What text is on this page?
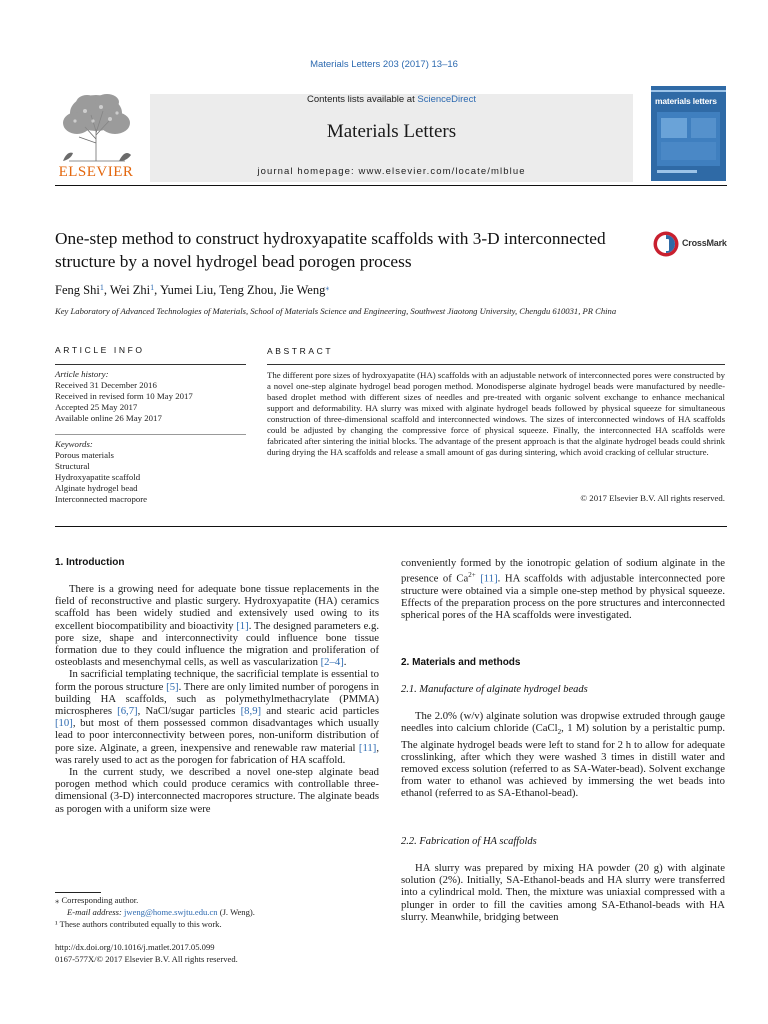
Materials Letters 203 (2017) 13–16
ELSEVIER
Contents lists available at ScienceDirect
Materials Letters
journal homepage: www.elsevier.com/locate/mlblue
materials letters
One-step method to construct hydroxyapatite scaffolds with 3-D interconnected structure by a novel hydrogel bead porogen process
CrossMark
Feng Shi$^1$, Wei Zhi$^1$, Yumei Liu, Teng Zhou, Jie Weng⁎
Key Laboratory of Advanced Technologies of Materials, School of Materials Science and Engineering, Southwest Jiaotong University, Chengdu 610031, PR China
ARTICLE INFO
Article history:
Received 31 December 2016
Received in revised form 10 May 2017
Accepted 25 May 2017
Available online 26 May 2017
Keywords:
Porous materials
Structural
Hydroxyapatite scaffold
Alginate hydrogel bead
Interconnected macropore
ABSTRACT
The different pore sizes of hydroxyapatite (HA) scaffolds with an adjustable network of interconnected pores were constructed by a novel one-step alginate hydrogel bead porogen method. Monodisperse alginate hydrogel beads were manufactured by needle-based droplet method with different sizes of needles and pre-treated with organic solvent exchange to enhance mechanical support and deformability. HA slurry was mixed with alginate hydrogel beads followed by physical squeeze for simultaneous construction of three-dimensional scaffold and interconnected windows. The sizes of interconnected windows of HA scaffolds could be adjusted by changing the compressive force of physical squeeze. Finally, the interconnected HA scaffolds were fabricated after sintering the initial blocks. The advantage of the present approach is that the alginate hydrogel beads could shrink during drying the HA scaffolds and release a small amount of gas during sintering, which avoid cracking of cellular structure.
© 2017 Elsevier B.V. All rights reserved.
1. Introduction

There is a growing need for adequate bone tissue replacements in the field of reconstructive and plastic surgery. Hydroxyapatite (HA) ceramics scaffold has been widely studied and extensively used owing to its excellent biocompatibility and bioactivity [1]. The designed parameters e.g. pore size, shape and interconnectivity could influence bone tissue formation due to they could influence the migration and proliferation of osteoblasts and mesenchymal cells, as well as vascularization [2–4].

In sacrificial templating technique, the sacrificial template is essential to form the porous structure [5]. There are only limited number of porogens in building HA scaffolds, such as polymethylmethacrylate (PMMA) microspheres [6,7], NaCl/sugar particles [8,9] and stearic acid particles [10], but most of them possessed common disadvantages which usually lead to poor interconnectivity between pores, non-uniform distribution of pore size. Alginate, a green, inexpensive and renewable raw material [11], was rarely used to act as the porogen for fabrication of HA scaffold.

In the current study, we described a novel one-step alginate bead porogen method which could produce ceramics with controllable three-dimensional (3-D) interconnected macropores structure. The alginate beads as porogen with a uniform size were

⁎ Corresponding author.
E-mail address: jweng@home.swjtu.edu.cn (J. Weng).
¹ These authors contributed equally to this work.
http://dx.doi.org/10.1016/j.matlet.2017.05.099
0167-577X/© 2017 Elsevier B.V. All rights reserved.

conveniently formed by the ionotropic gelation of sodium alginate in the presence of $Ca^{2+}$ [11]. HA scaffolds with adjustable interconnected pore structure were obtained via a simple one-step method by physical squeeze. Effects of the preparation process on the pore structures and interconnected spherical pores of the HA scaffolds were investigated.

2. Materials and methods
2.1. Manufacture of alginate hydrogel beads

The 2.0% (w/v) alginate solution was dropwise extruded through gauge needles into calcium chloride (CaCl$_2$, 1 M) solution by a peristaltic pump. The alginate hydrogel beads were left to stand for 2 h to allow for adequate crosslinking, after which they were washed 3 times in distill water and removed excess solution (referred to as SA-Water-bead). Solvent exchange from water to ethanol was achieved by immersing the wet beads into ethanol (referred to as SA-Ethanol-bead).

2.2. Fabrication of HA scaffolds

HA slurry was prepared by mixing HA powder (20 g) with alginate solution (2%). Initially, SA-Ethanol-beads and HA slurry were transferred into a cylindrical mold. Then, the mixture was uniaxial compressed with a plunger in order to fill the cavities among SA-Ethanol-beads with HA slurry. Meanwhile, bridging between
